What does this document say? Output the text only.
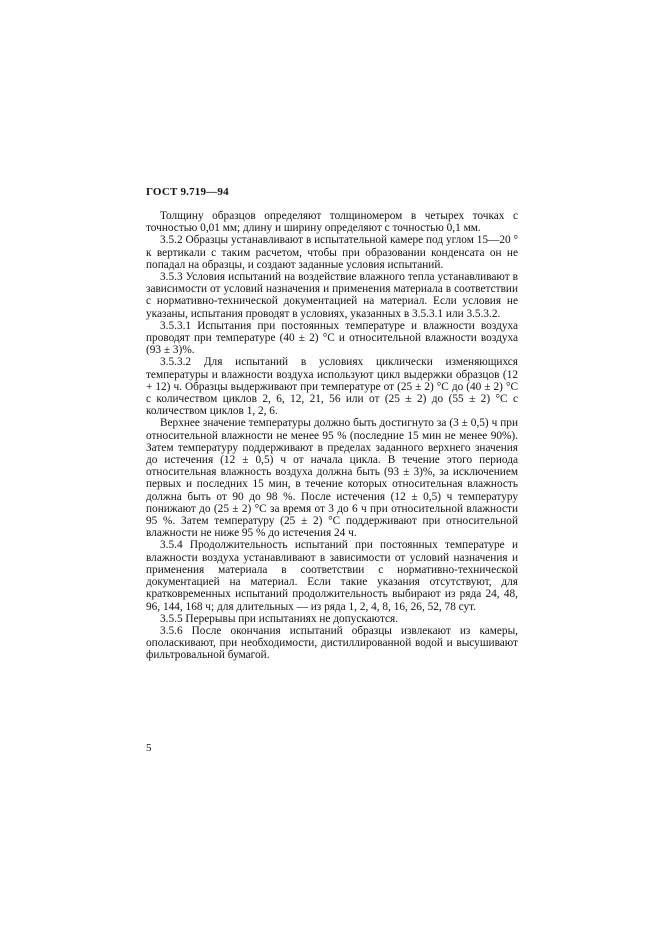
ГОСТ 9.719—94

Толщину образцов определяют толщиномером в четырех точках с точностью 0,01 мм; длину и ширину определяют с точностью 0,1 мм.

3.5.2 Образцы устанавливают в испытательной камере под углом 15—20 ° к вертикали с таким расчетом, чтобы при образовании конденсата он не попадал на образцы, и создают заданные условия испытаний.

3.5.3 Условия испытаний на воздействие влажного тепла устанавливают в зависимости от условий назначения и применения материала в соответствии с нормативно-технической документацией на материал. Если условия не указаны, испытания проводят в условиях, указанных в 3.5.3.1 или 3.5.3.2.

3.5.3.1 Испытания при постоянных температуре и влажности воздуха проводят при температуре (40 ± 2) °С и относительной влажности воздуха (93 ± 3)%.

3.5.3.2 Для испытаний в условиях циклически изменяющихся температуры и влажности воздуха используют цикл выдержки образцов (12 + 12) ч. Образцы выдерживают при температуре от (25 ± 2) °С до (40 ± 2) °С с количеством циклов 2, 6, 12, 21, 56 или от (25 ± 2) до (55 ± 2) °С с количеством циклов 1, 2, 6.

Верхнее значение температуры должно быть достигнуто за (3 ± 0,5) ч при относительной влажности не менее 95 % (последние 15 мин не менее 90%). Затем температуру поддерживают в пределах заданного верхнего значения до истечения (12 ± 0,5) ч от начала цикла. В течение этого периода относительная влажность воздуха должна быть (93 ± 3)%, за исключением первых и последних 15 мин, в течение которых относительная влажность должна быть от 90 до 98 %. После истечения (12 ± 0,5) ч температуру понижают до (25 ± 2) °С за время от 3 до 6 ч при относительной влажности 95 %. Затем температуру (25 ± 2) °С поддерживают при относительной влажности не ниже 95 % до истечения 24 ч.

3.5.4 Продолжительность испытаний при постоянных температуре и влажности воздуха устанавливают в зависимости от условий назначения и применения материала в соответствии с нормативно-технической документацией на материал. Если такие указания отсутствуют, для кратковременных испытаний продолжительность выбирают из ряда 24, 48, 96, 144, 168 ч; для длительных — из ряда 1, 2, 4, 8, 16, 26, 52, 78 сут.

3.5.5 Перерывы при испытаниях не допускаются.

3.5.6 После окончания испытаний образцы извлекают из камеры, ополаскивают, при необходимости, дистиллированной водой и высушивают фильтровальной бумагой.

5
